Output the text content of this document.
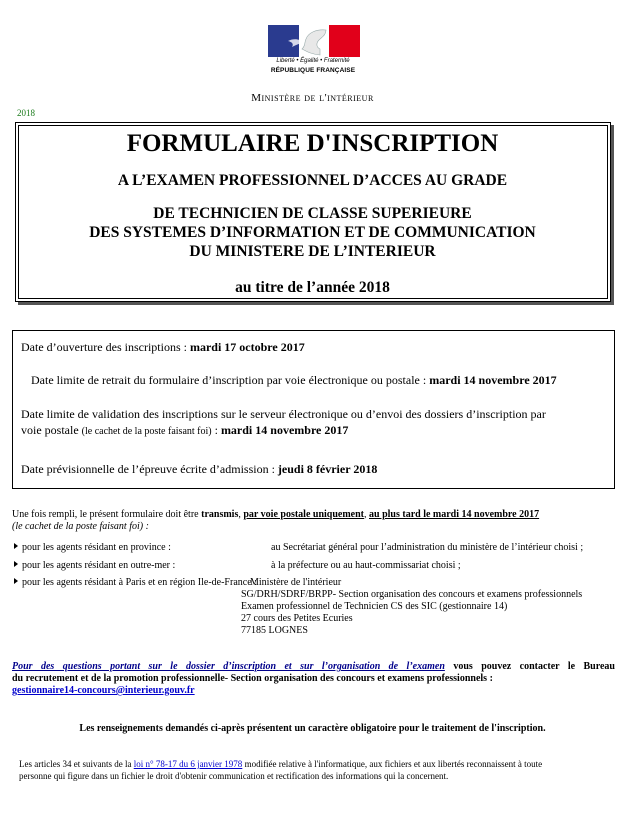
Liberté • Égalité • Fraternité
RÉPUBLIQUE FRANÇAISE
Ministère de l'intérieur
2018
FORMULAIRE D'INSCRIPTION
A L’EXAMEN PROFESSIONNEL D’ACCES AU GRADE
DE TECHNICIEN DE CLASSE SUPERIEURE
DES SYSTEMES D’INFORMATION ET DE COMMUNICATION
DU MINISTERE DE L’INTERIEUR
au titre de l’année 2018
Date d’ouverture des inscriptions : mardi 17 octobre 2017
Date limite de retrait du formulaire d’inscription par voie électronique ou postale : mardi 14 novembre 2017
Date limite de validation des inscriptions sur le serveur électronique ou d’envoi des dossiers d’inscription par
voie postale (le cachet de la poste faisant foi) : mardi 14 novembre 2017
Date prévisionnelle de l’épreuve écrite d’admission : jeudi 8 février 2018
Une fois rempli, le présent formulaire doit être transmis, par voie postale uniquement, au plus tard le mardi 14 novembre 2017
(le cachet de la poste faisant foi) :
pour les agents résidant en province :	au Secrétariat général pour l’administration du ministère de l’intérieur choisi ;
pour les agents résidant en outre-mer :	à la préfecture ou au haut-commissariat choisi ;
pour les agents résidant à Paris et en région Ile-de-France :
Ministère de l'intérieur
SG/DRH/SDRF/BRPP- Section organisation des concours et examens professionnels
Examen professionnel de Technicien CS des SIC (gestionnaire 14)
27 cours des Petites Ecuries
77185 LOGNES
Pour des questions portant sur le dossier d’inscription et sur l’organisation de l’examen vous pouvez contacter le Bureau
du recrutement et de la promotion professionnelle- Section organisation des concours et examens professionnels :
gestionnaire14-concours@interieur.gouv.fr
Les renseignements demandés ci-après présentent un caractère obligatoire pour le traitement de l'inscription.
Les articles 34 et suivants de la loi n° 78-17 du 6 janvier 1978 modifiée relative à l'informatique, aux fichiers et aux libertés reconnaissent à toute
personne qui figure dans un fichier le droit d'obtenir communication et rectification des informations qui la concernent.
